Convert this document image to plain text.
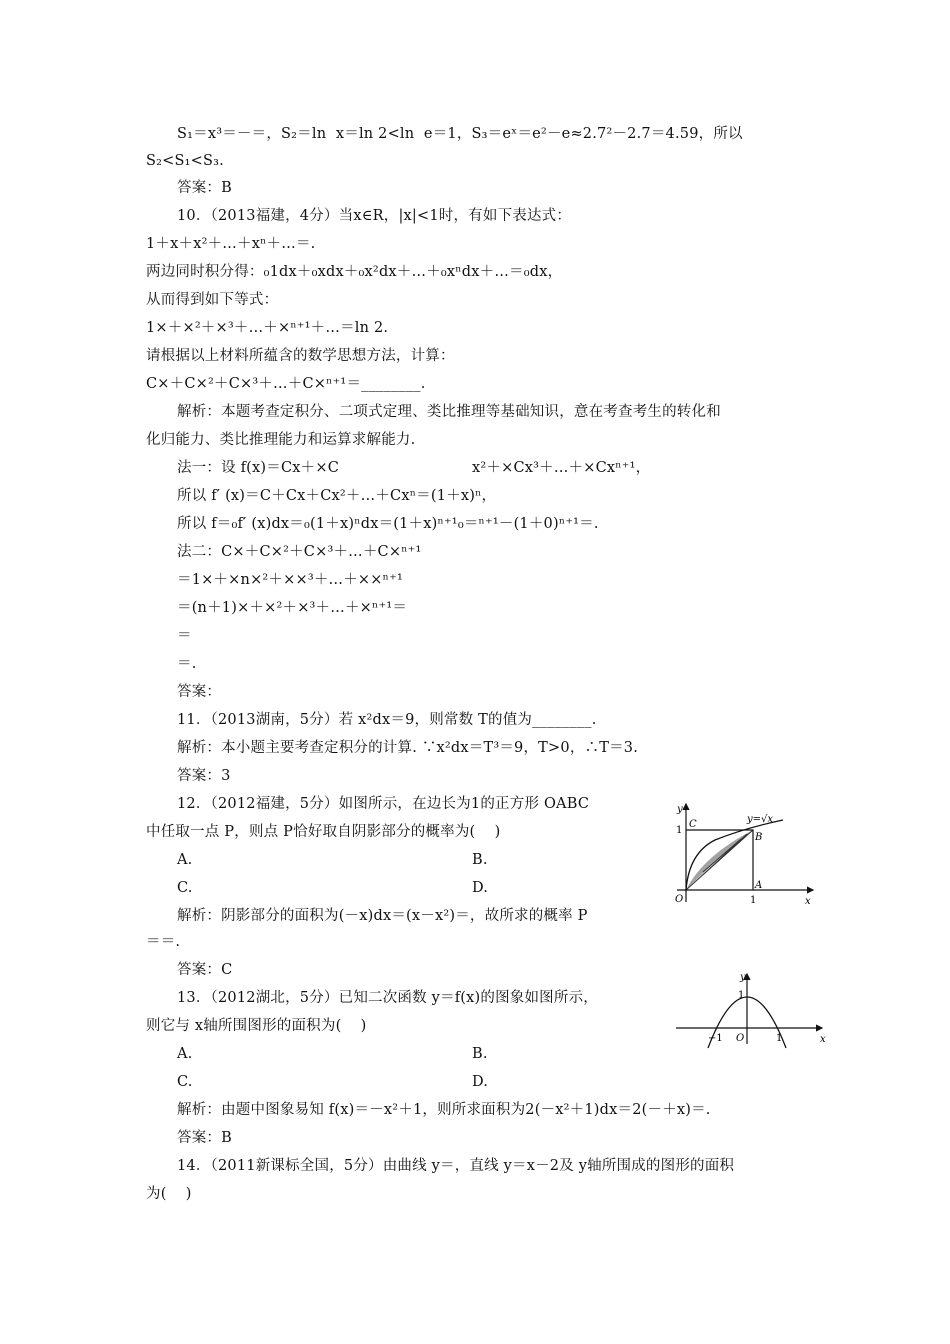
S₁＝x³＝－＝，S₂＝ln  x＝ln 2<ln  e＝1，S₃＝eˣ＝e²－e≈2.7²－2.7＝4.59，所以
S₂<S₁<S₃.
答案：B
10．（2013福建，4分）当x∈R，|x|<1时，有如下表达式：
1＋x＋x²＋…＋xⁿ＋…＝.
两边同时积分得：₀1dx＋₀xdx＋₀x²dx＋…＋₀xⁿdx＋…＝₀dx，
从而得到如下等式：
1×＋×²＋×³＋…＋×ⁿ⁺¹＋…＝ln 2.
请根据以上材料所蕴含的数学思想方法，计算：
C×＋C×²＋C×³＋…＋C×ⁿ⁺¹＝________.
解析：本题考查定积分、二项式定理、类比推理等基础知识，意在考查考生的转化和
化归能力、类比推理能力和运算求解能力.
法一：设 f(x)＝Cx＋×C	x²＋×Cx³＋…＋×Cxⁿ⁺¹，
所以 f′ (x)＝C＋Cx＋Cx²＋…＋Cxⁿ＝(1＋x)ⁿ，
所以 f＝₀f′ (x)dx＝₀(1＋x)ⁿdx＝(1＋x)ⁿ⁺¹₀＝ⁿ⁺¹－(1＋0)ⁿ⁺¹＝.
法二：C×＋C×²＋C×³＋…＋C×ⁿ⁺¹
＝1×＋×n×²＋××³＋…＋××ⁿ⁺¹
＝(n＋1)×＋×²＋×³＋…＋×ⁿ⁺¹＝
＝
＝.
答案：
11．（2013湖南，5分）若 x²dx＝9，则常数 T的值为________.
解析：本小题主要考查定积分的计算. ∵x²dx＝T³＝9，T>0，∴T＝3.
答案：3
12．（2012福建，5分）如图所示，在边长为1的正方形 OABC
中任取一点 P，则点 P恰好取自阴影部分的概率为(    )
A.	B.
C.	D.
解析：阴影部分的面积为(－x)dx＝(x－x²)＝，故所求的概率 P
＝＝.
答案：C
13．（2012湖北，5分）已知二次函数 y＝f(x)的图象如图所示，
则它与 x轴所围图形的面积为(    )
A.	B.
C.	D.
解析：由题中图象易知 f(x)＝－x²＋1，则所求面积为2(－x²＋1)dx＝2(－＋x)＝.
答案：B
14．（2011新课标全国，5分）由曲线 y＝，直线 y＝x－2及 y轴所围成的图形的面积
为(    )
y
x
y=√x
C
B
A
O
1
1
y
x
1
−1 O	1
